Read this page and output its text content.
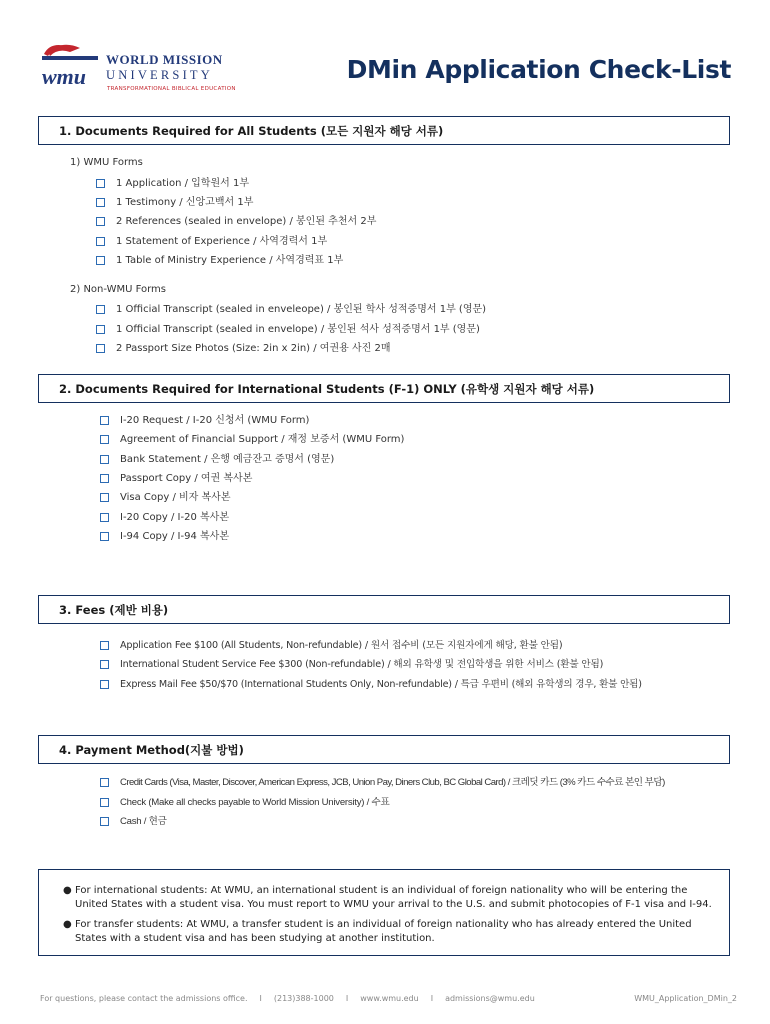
wmu
WORLD MISSION
UNIVERSITY
TRANSFORMATIONAL BIBLICAL EDUCATION
DMin Application Check-List
1. Documents Required for All Students (모든 지원자 해당 서류)
1) WMU Forms
1 Application / 입학원서 1부
1 Testimony / 신앙고백서 1부
2 References (sealed in envelope) / 봉인된 추천서 2부
1 Statement of Experience / 사역경력서 1부
1 Table of Ministry Experience / 사역경력표 1부
2) Non-WMU Forms
1 Official Transcript (sealed in enveleope) / 봉인된 학사 성적증명서 1부 (영문)
1 Official Transcript (sealed in envelope) / 봉인된 석사 성적증명서 1부 (영문)
2 Passport Size Photos (Size: 2in x 2in) / 여권용 사진 2매
2. Documents Required for International Students (F-1) ONLY (유학생 지원자 해당 서류)
I-20 Request / I-20 신청서 (WMU Form)
Agreement of Financial Support / 재정 보증서 (WMU Form)
Bank Statement / 은행 예금잔고 증명서 (영문)
Passport Copy / 여권 복사본
Visa Copy / 비자 복사본
I-20 Copy / I-20 복사본
I-94 Copy / I-94 복사본
3. Fees (제반 비용)
Application Fee $100 (All Students, Non-refundable) / 원서 접수비 (모든 지원자에게 해당, 환불 안됨)
International Student Service Fee $300 (Non-refundable) / 해외 유학생 및 전입학생을 위한 서비스 (환불 안됨)
Express Mail Fee $50/$70 (International Students Only, Non-refundable) / 특급 우편비 (해외 유학생의 경우, 환불 안됨)
4. Payment Method(지불 방법)
Credit Cards (Visa, Master, Discover, American Express, JCB, Union Pay, Diners Club, BC Global Card) / 크레딧 카드 (3% 카드 수수료 본인 부담)
Check (Make all checks payable to World Mission University) / 수표
Cash / 현금
● For international students: At WMU, an international student is an individual of foreign nationality who will be entering the United States with a student visa. You must report to WMU your arrival to the U.S. and submit photocopies of F-1 visa and I-94.
● For transfer students: At WMU, a transfer student is an individual of foreign nationality who has already entered the United States with a student visa and has been studying at another institution.
For questions, please contact the admissions office. I (213)388-1000 I www.wmu.edu I admissions@wmu.edu	WMU_Application_DMin_2
